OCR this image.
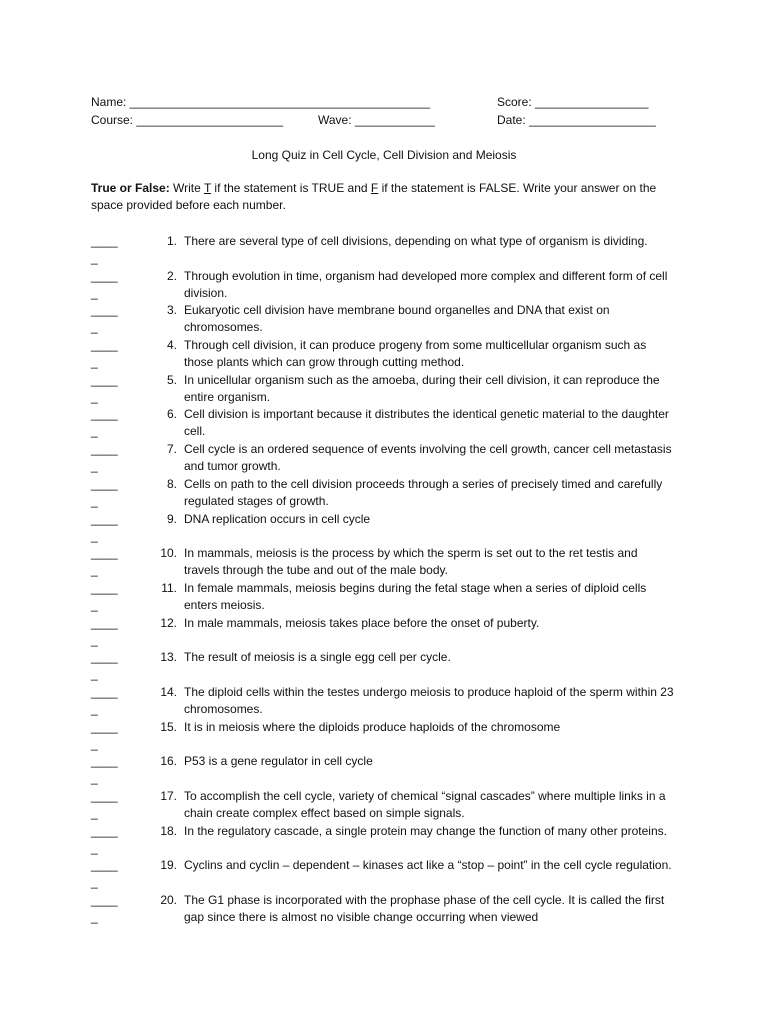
Name: _____________________________________________	Score: _________________
Course: ______________________	Wave: ____________	Date: ___________________
Long Quiz in Cell Cycle, Cell Division and Meiosis
True or False: Write T if the statement is TRUE and F if the statement is FALSE. Write your answer on the space provided before each number.
____
_
1. There are several type of cell divisions, depending on what type of organism is dividing.
____
_
2. Through evolution in time, organism had developed more complex and different form of cell division.
____
_
3. Eukaryotic cell division have membrane bound organelles and DNA that exist on chromosomes.
____
_
4. Through cell division, it can produce progeny from some multicellular organism such as those plants which can grow through cutting method.
____
_
5. In unicellular organism such as the amoeba, during their cell division, it can reproduce the entire organism.
____
_
6. Cell division is important because it distributes the identical genetic material to the daughter cell.
____
_
7. Cell cycle is an ordered sequence of events involving the cell growth, cancer cell metastasis and tumor growth.
____
_
8. Cells on path to the cell division proceeds through a series of precisely timed and carefully regulated stages of growth.
____
_
9. DNA replication occurs in cell cycle
____
_
10. In mammals, meiosis is the process by which the sperm is set out to the ret testis and travels through the tube and out of the male body.
____
_
11. In female mammals, meiosis begins during the fetal stage when a series of diploid cells enters meiosis.
____
_
12. In male mammals, meiosis takes place before the onset of puberty.
____
_
13. The result of meiosis is a single egg cell per cycle.
____
_
14. The diploid cells within the testes undergo meiosis to produce haploid of the sperm within 23 chromosomes.
____
_
15. It is in meiosis where the diploids produce haploids of the chromosome
____
_
16. P53 is a gene regulator in cell cycle
____
_
17. To accomplish the cell cycle, variety of chemical “signal cascades” where multiple links in a chain create complex effect based on simple signals.
____
_
18. In the regulatory cascade, a single protein may change the function of many other proteins.
____
_
19. Cyclins and cyclin – dependent – kinases act like a “stop – point” in the cell cycle regulation.
____
_
20. The G1 phase is incorporated with the prophase phase of the cell cycle. It is called the first gap since there is almost no visible change occurring when viewed
